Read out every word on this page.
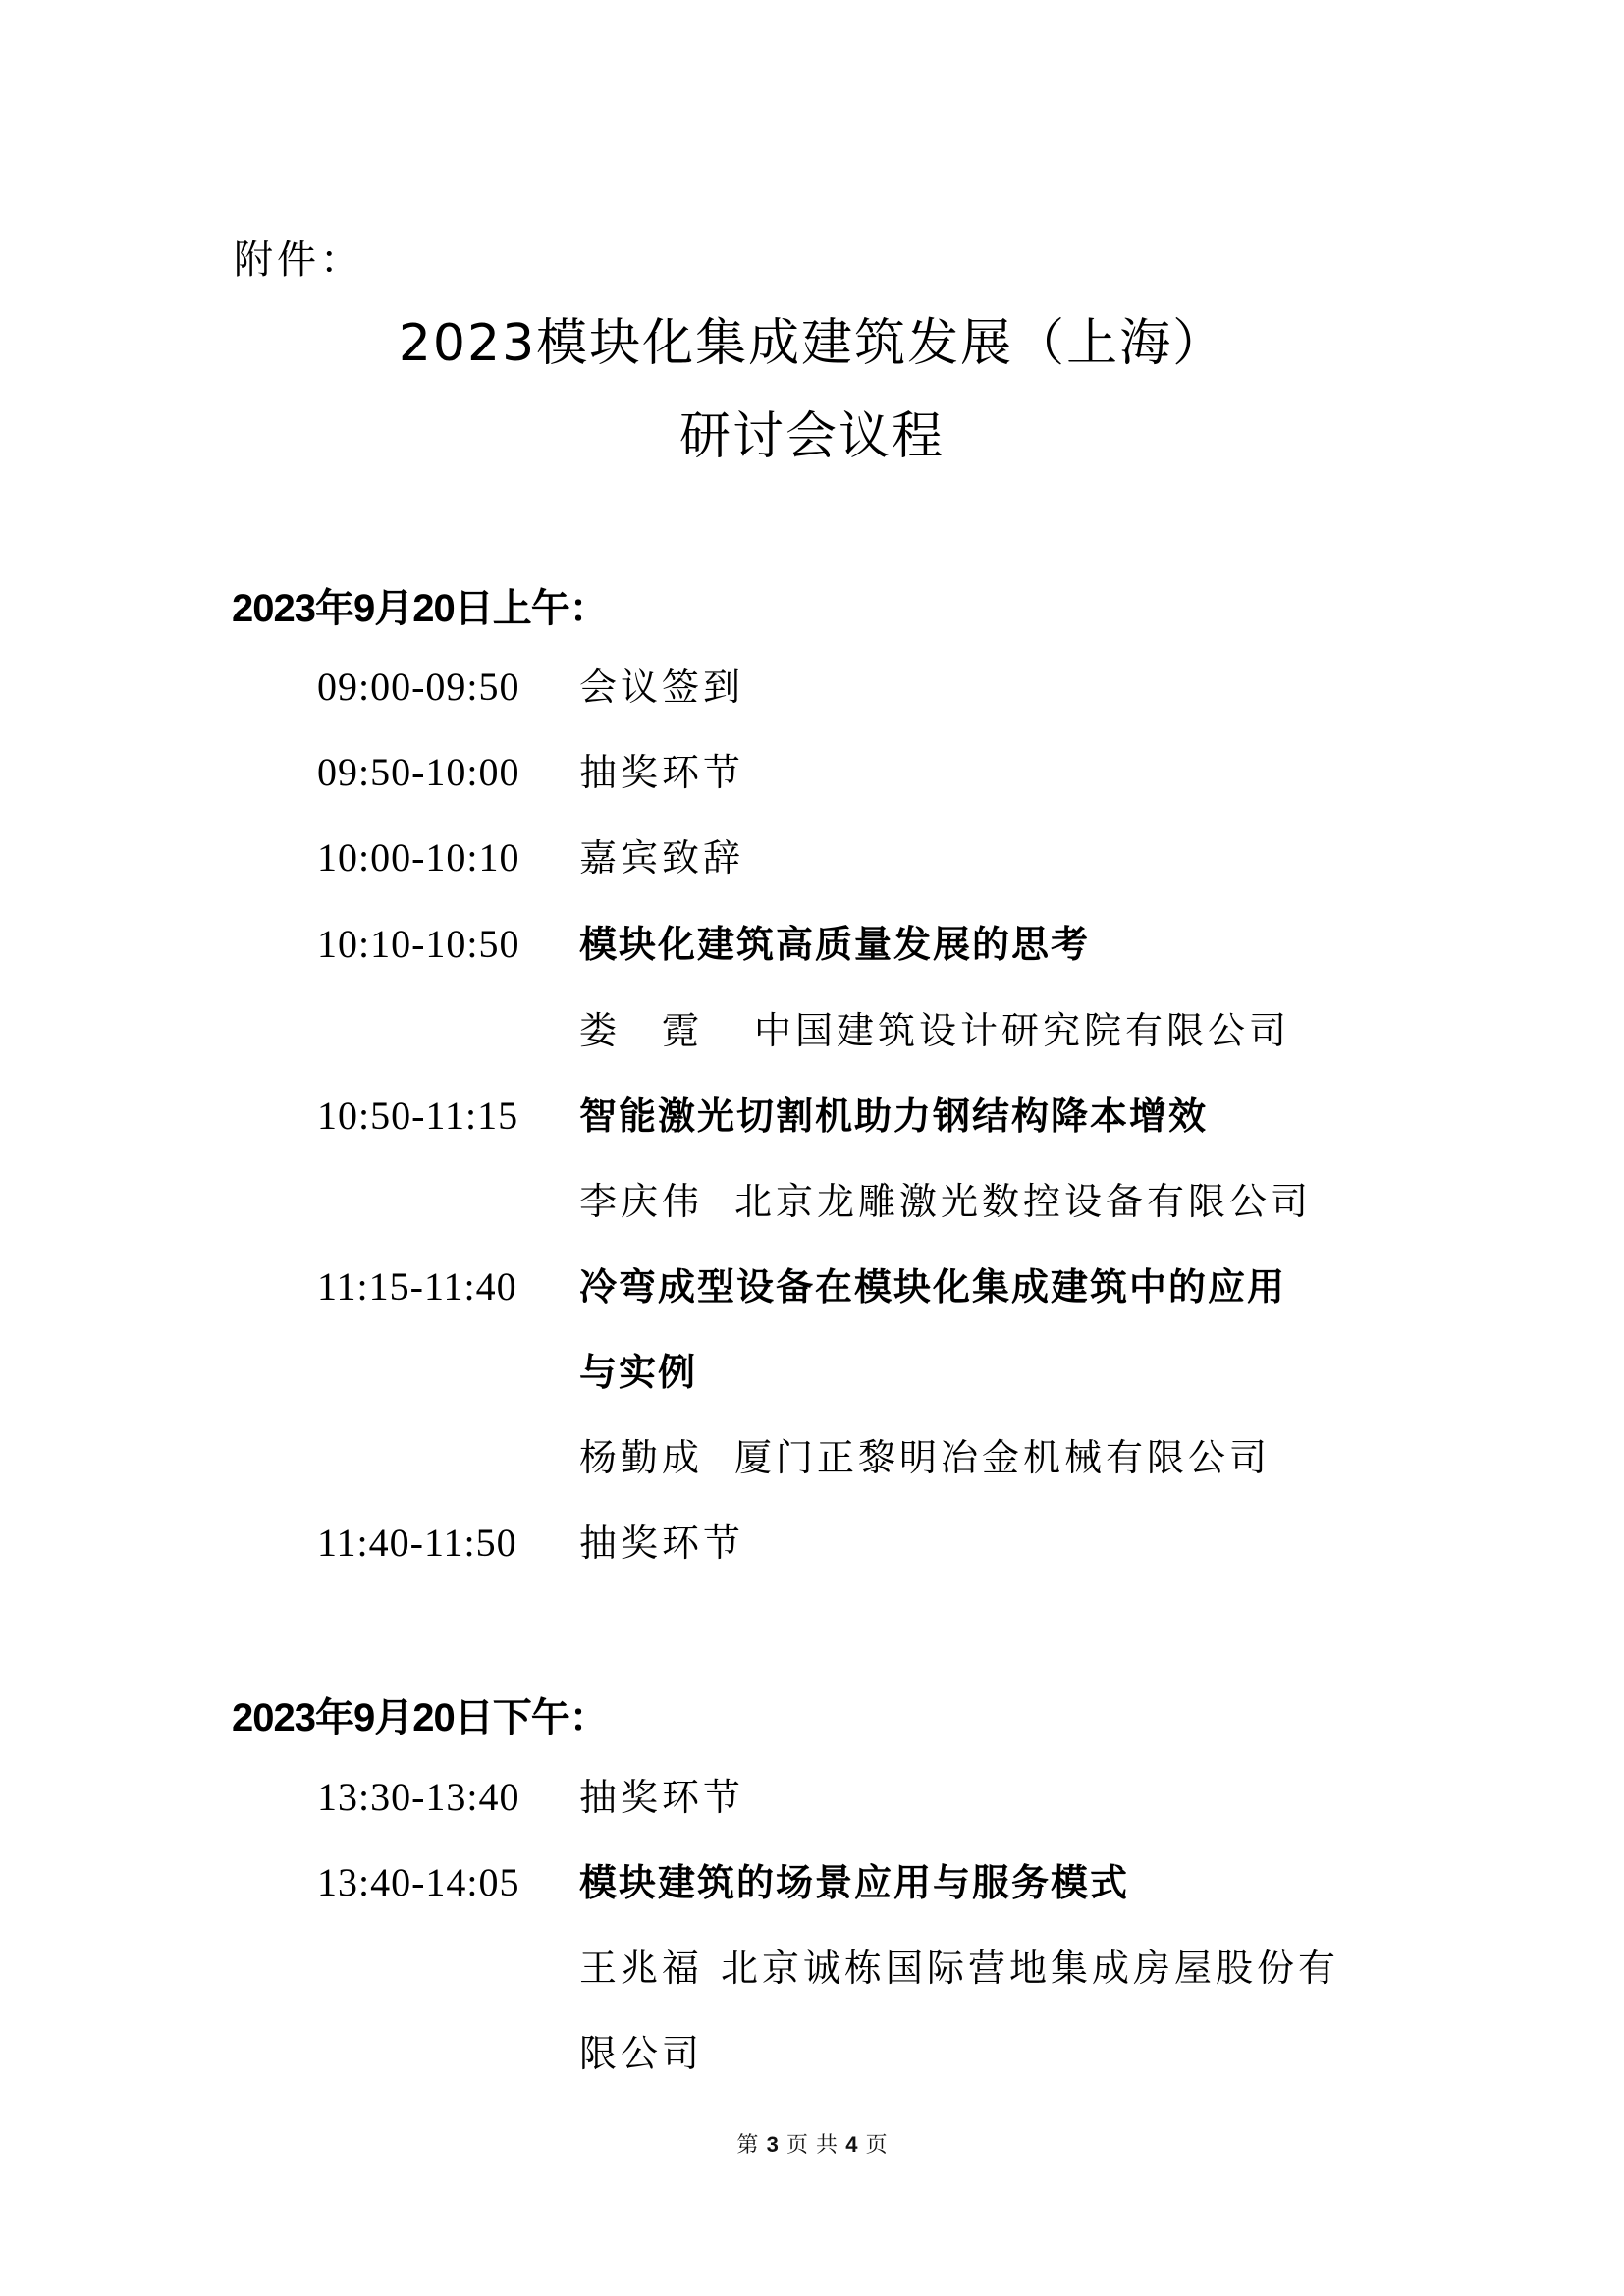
附件：
2023模块化集成建筑发展（上海）
研讨会议程
2023年9月20日上午：
09:00-09:50 会议签到
09:50-10:00 抽奖环节
10:00-10:10 嘉宾致辞
10:10-10:50 模块化建筑高质量发展的思考
娄　霓 中国建筑设计研究院有限公司
10:50-11:15 智能激光切割机助力钢结构降本增效
李庆伟 北京龙雕激光数控设备有限公司
11:15-11:40 冷弯成型设备在模块化集成建筑中的应用
与实例
杨勤成 厦门正黎明冶金机械有限公司
11:40-11:50 抽奖环节
2023年9月20日下午：
13:30-13:40 抽奖环节
13:40-14:05 模块建筑的场景应用与服务模式
王兆福 北京诚栋国际营地集成房屋股份有
限公司
第 3 页 共 4 页
